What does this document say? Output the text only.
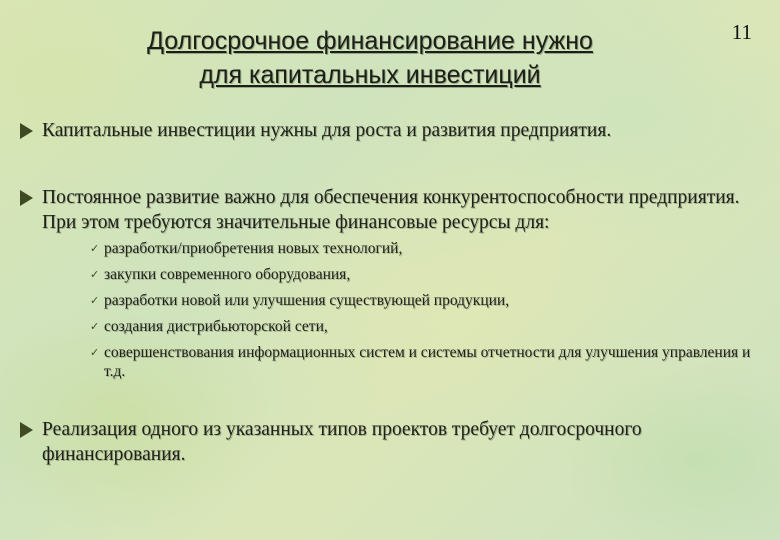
11
Долгосрочное финансирование нужно
для капитальных инвестиций
Капитальные инвестиции нужны для роста и развития предприятия.
Постоянное развитие важно для обеспечения конкурентоспособности предприятия. При этом требуются значительные финансовые ресурсы для:
✓ разработки/приобретения новых технологий,
✓ закупки современного оборудования,
✓ разработки новой или улучшения существующей продукции,
✓ создания дистрибьюторской сети,
✓ совершенствования информационных систем и системы отчетности для улучшения управления и т.д.
Реализация одного из указанных типов проектов требует долгосрочного финансирования.
